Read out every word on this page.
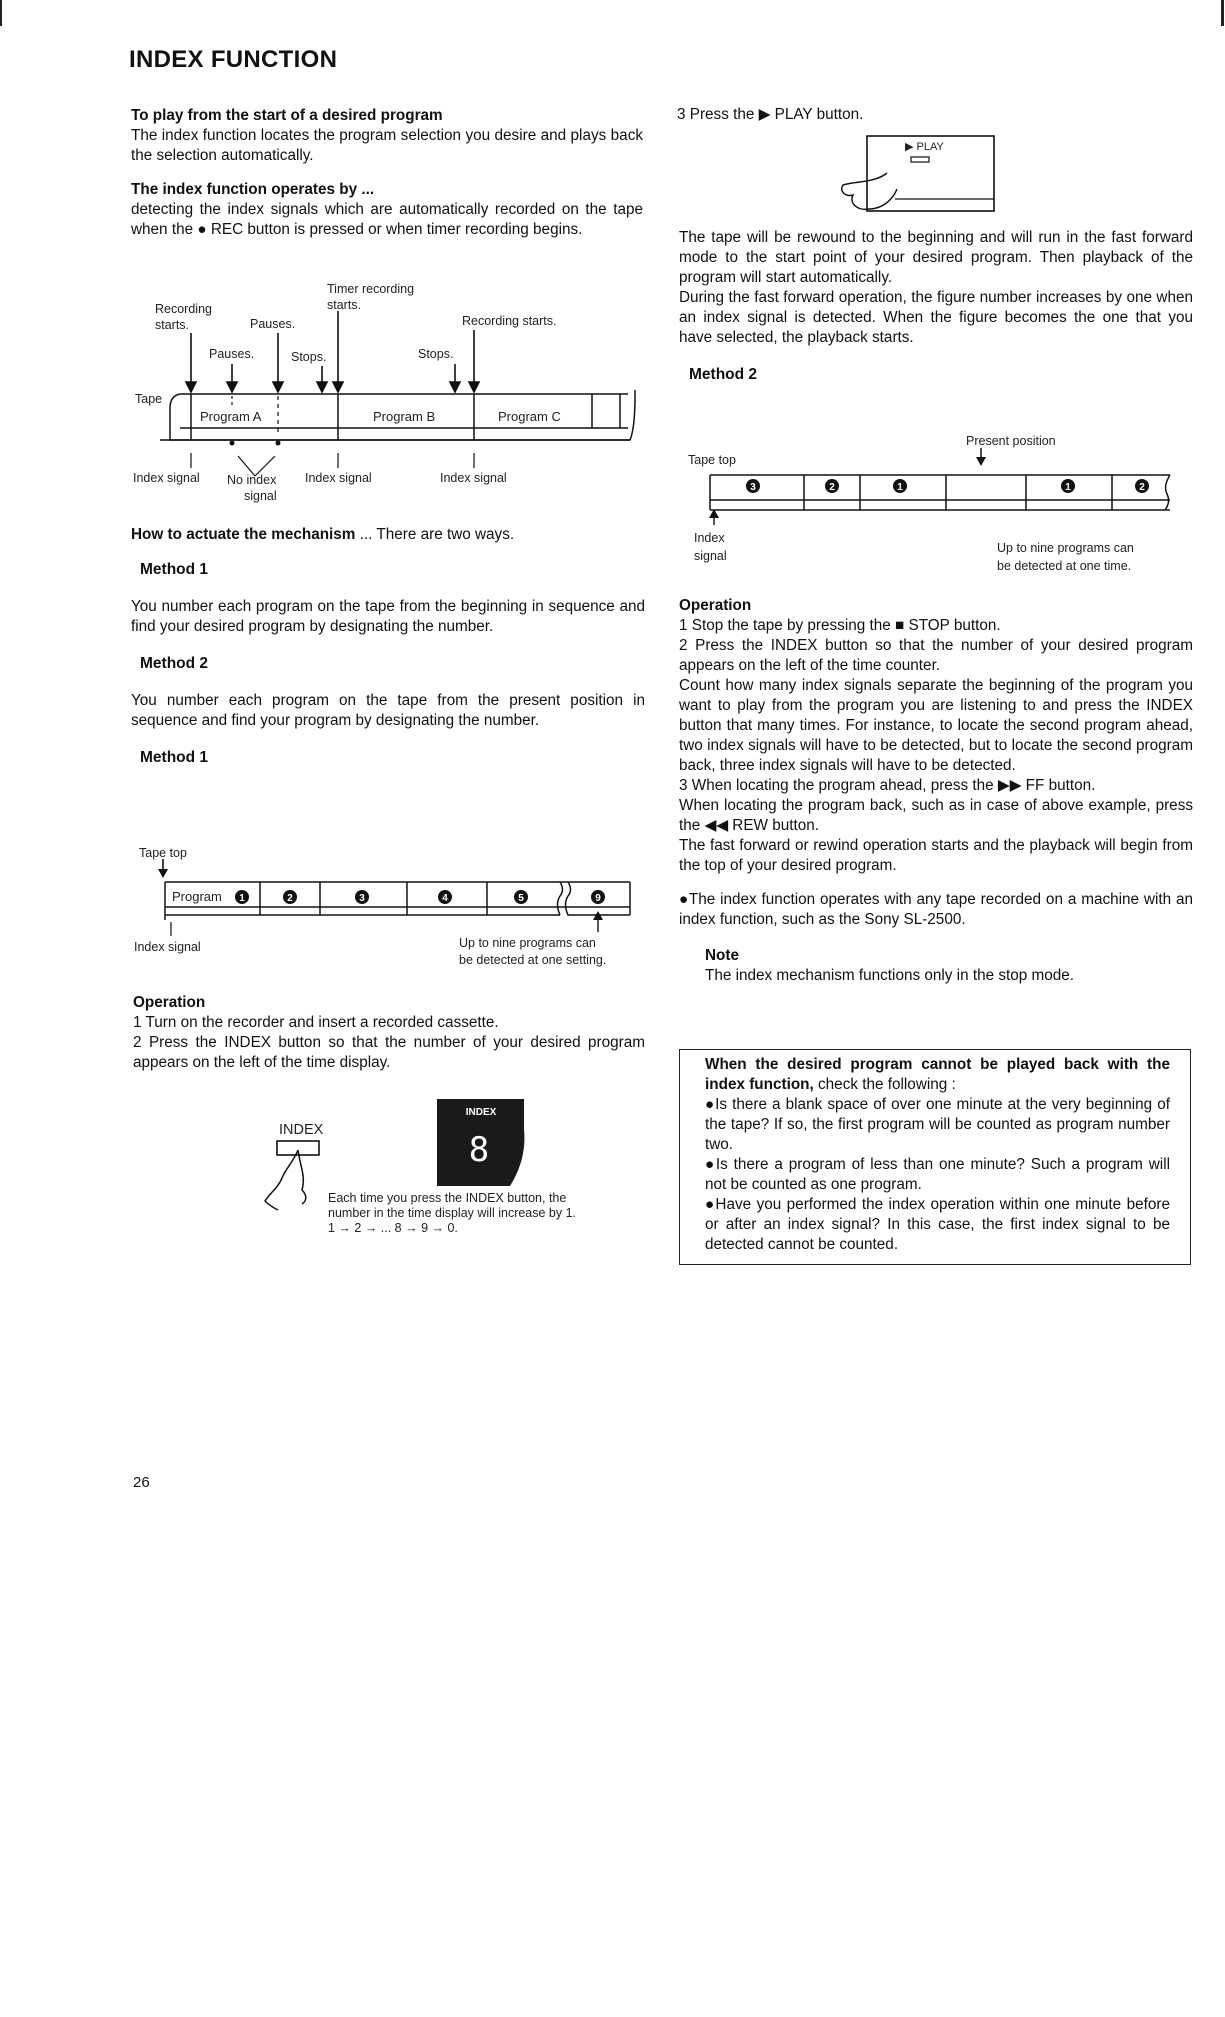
INDEX FUNCTION
To play from the start of a desired program
The index function locates the program selection you desire and plays back the selection automatically.
The index function operates by ...
detecting the index signals which are automatically recorded on the tape when the ● REC button is pressed or when timer recording begins.
Timer recording
starts.
Recording
starts.	Pauses.	Recording starts.
Pauses.	Stops.	Stops.
Tape
Program A	Program B	Program C
Index signal No index
signal
Index signal	Index signal
How to actuate the mechanism ... There are two ways.
Method 1
You number each program on the tape from the beginning in sequence and find your desired program by designating the number.
Method 2
You number each program on the tape from the present position in sequence and find your program by designating the number.
Method 1
Tape top
Program 1	2	3	4	5	9
Index signal	Up to nine programs can
be detected at one setting.
Operation
1 Turn on the recorder and insert a recorded cassette.
2 Press the INDEX button so that the number of your desired program appears on the left of the time display.
INDEX
INDEX
8
Each time you press the INDEX button, the
number in the time display will increase by 1.
1 → 2 → ... 8 → 9 → 0.
26
3 Press the ▶ PLAY button.
▶ PLAY
The tape will be rewound to the beginning and will run in the fast forward mode to the start point of your desired program. Then playback of the program will start automatically.
During the fast forward operation, the figure number increases by one when an index signal is detected. When the figure becomes the one that you have selected, the playback starts.
Method 2
Present position
Tape top
3	2	1	1	2
Index
signal
Up to nine programs can
be detected at one time.
Operation
1 Stop the tape by pressing the ■ STOP button.
2 Press the INDEX button so that the number of your desired program appears on the left of the time counter.
Count how many index signals separate the beginning of the program you want to play from the program you are listening to and press the INDEX button that many times. For instance, to locate the second program ahead, two index signals will have to be detected, but to locate the second program back, three index signals will have to be detected.
3 When locating the program ahead, press the ▶▶ FF button.
When locating the program back, such as in case of above example, press the ◀◀ REW button.
The fast forward or rewind operation starts and the playback will begin from the top of your desired program.
●The index function operates with any tape recorded on a machine with an index function, such as the Sony SL-2500.
Note
The index mechanism functions only in the stop mode.
When the desired program cannot be played back with the index function, check the following :
●Is there a blank space of over one minute at the very beginning of the tape? If so, the first program will be counted as program number two.
●Is there a program of less than one minute? Such a program will not be counted as one program.
●Have you performed the index operation within one minute before or after an index signal? In this case, the first index signal to be detected cannot be counted.
